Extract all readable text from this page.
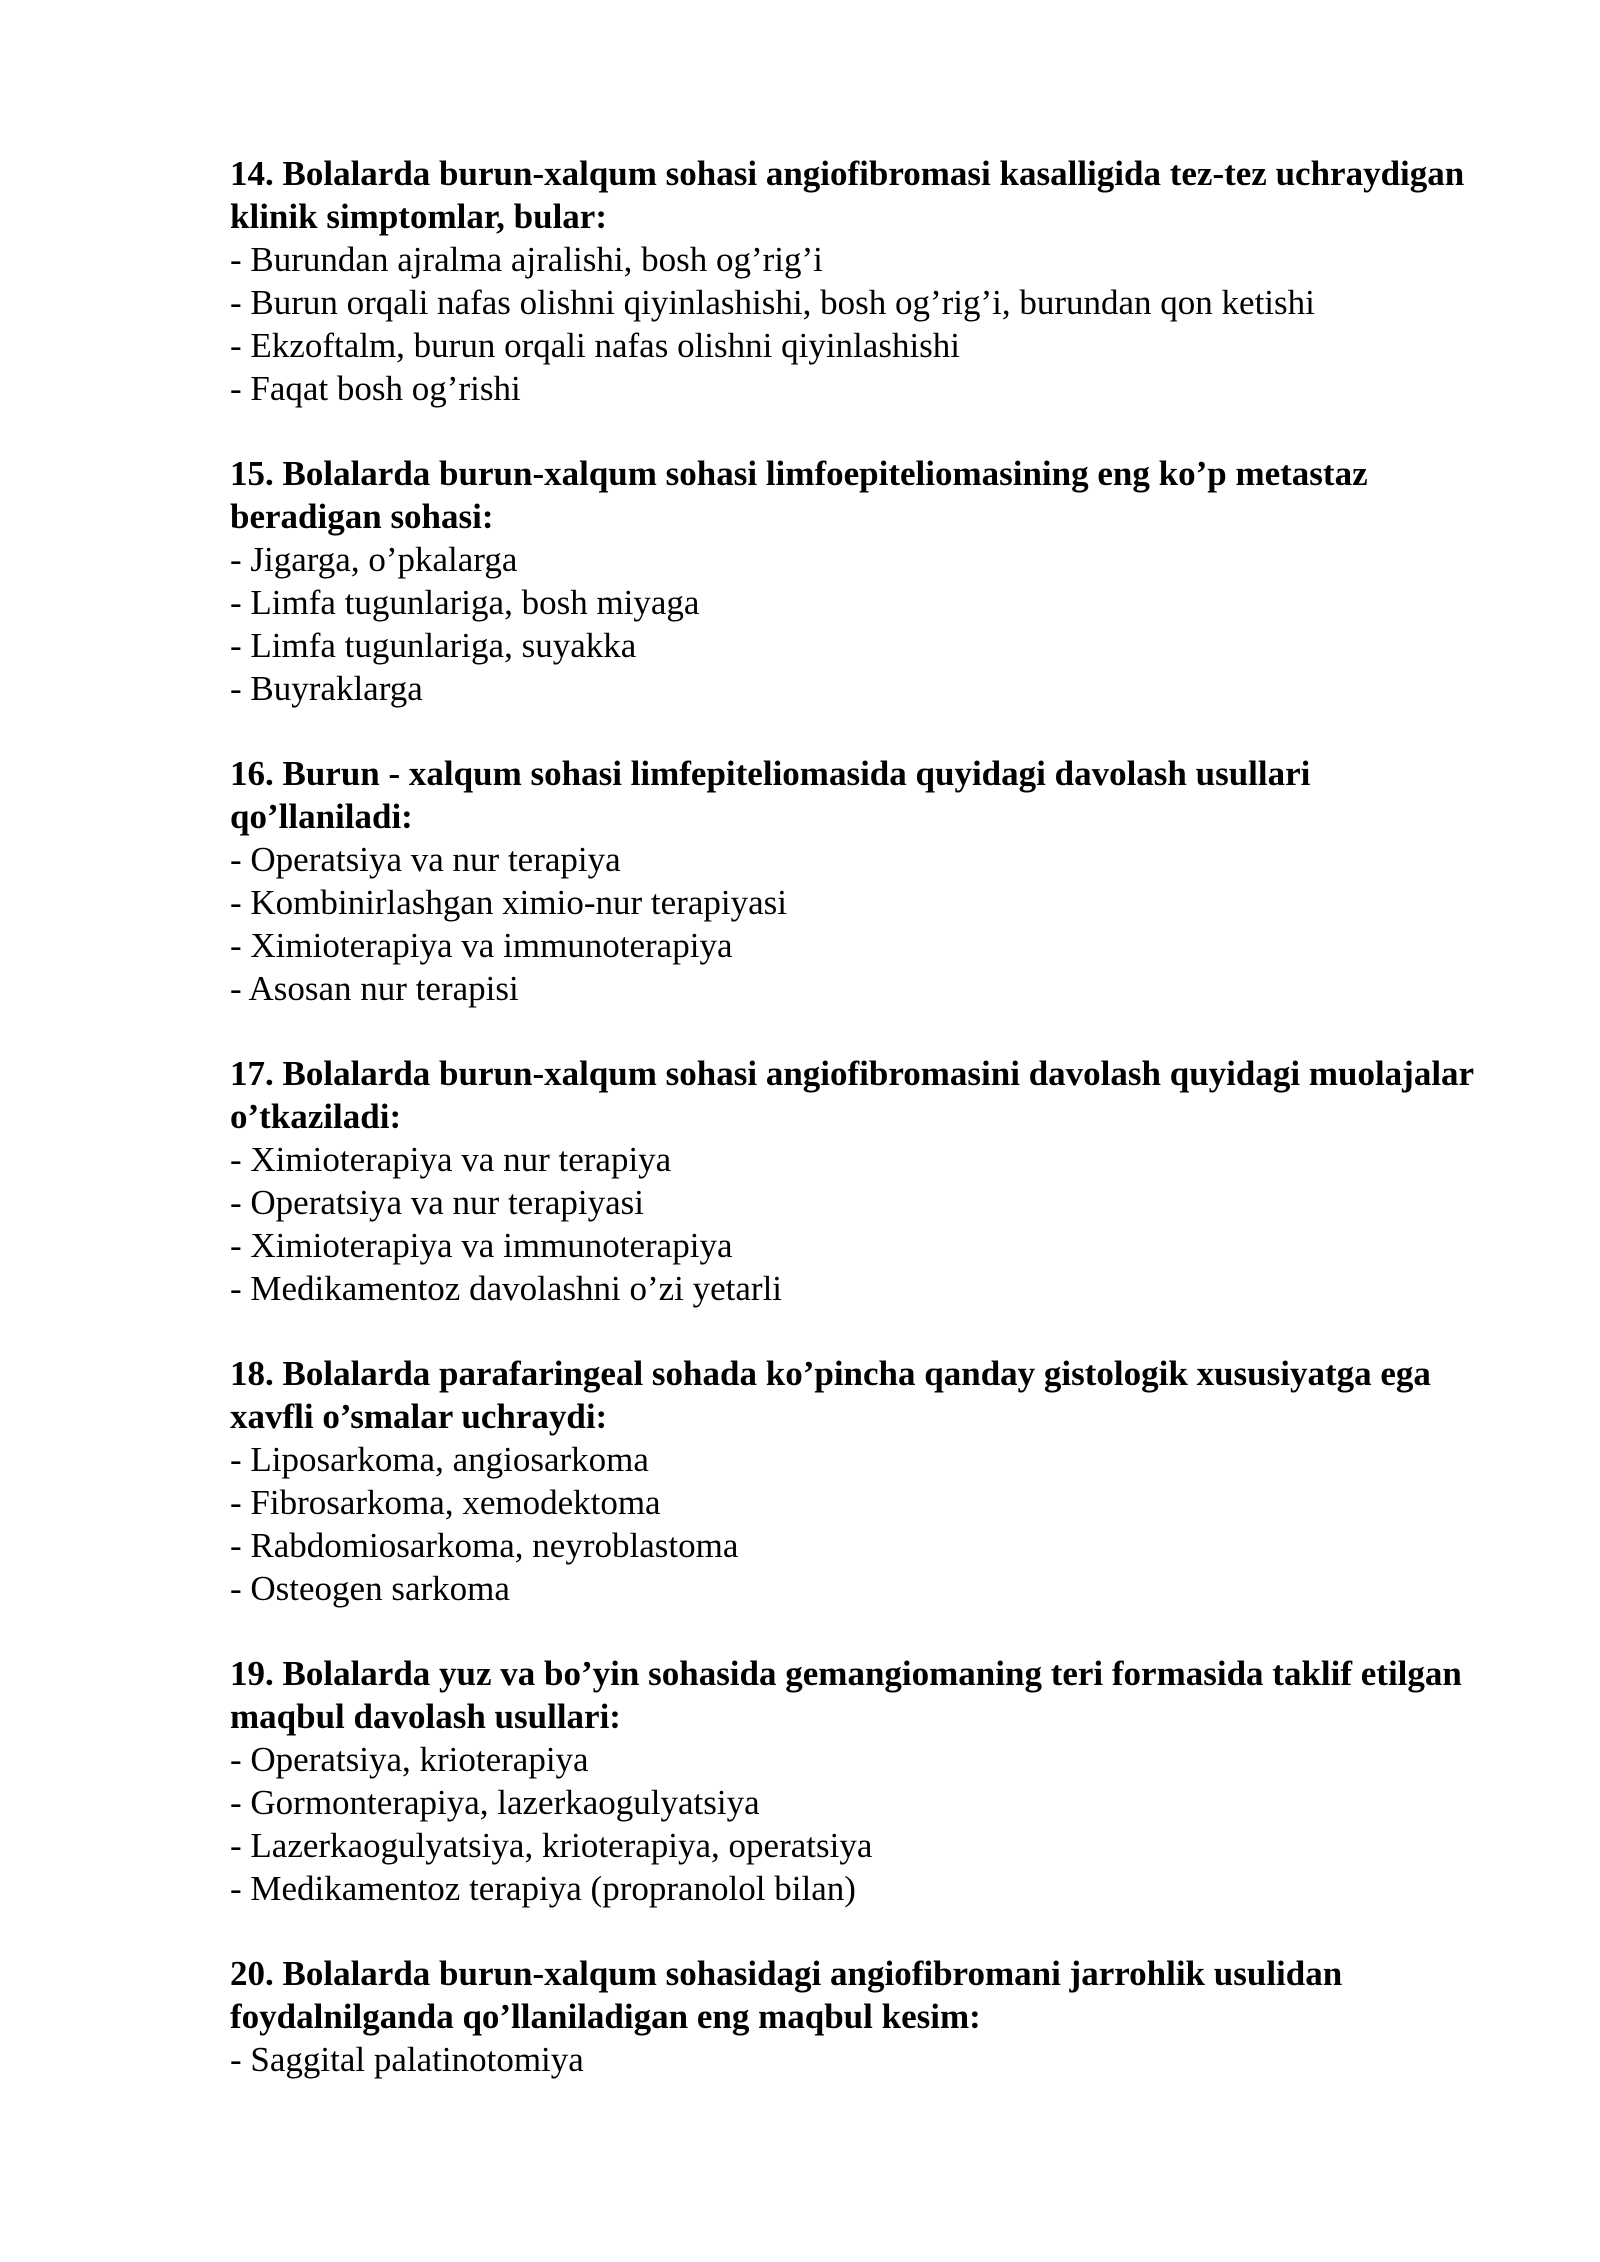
14. Bolalarda burun-xalqum sohasi angiofibromasi kasalligida tez-tez uchraydigan klinik simptomlar, bular:

- Burundan ajralma ajralishi, bosh og’rig’i
- Burun orqali nafas olishni qiyinlashishi, bosh og’rig’i, burundan qon ketishi
- Ekzoftalm, burun orqali nafas olishni qiyinlashishi
- Faqat bosh og’rishi

15. Bolalarda burun-xalqum sohasi limfoepiteliomasining eng ko’p metastaz beradigan sohasi:

- Jigarga, o’pkalarga
- Limfa tugunlariga, bosh miyaga
- Limfa tugunlariga, suyakka
- Buyraklarga

16. Burun - xalqum sohasi limfepiteliomasida quyidagi davolash usullari qo’llaniladi:

- Operatsiya va nur terapiya
- Kombinirlashgan ximio-nur terapiyasi
- Ximioterapiya va immunoterapiya
- Asosan nur terapisi

17. Bolalarda burun-xalqum sohasi angiofibromasini davolash quyidagi muolajalar o’tkaziladi:

- Ximioterapiya va nur terapiya
- Operatsiya va nur terapiyasi
- Ximioterapiya va immunoterapiya
- Medikamentoz davolashni o’zi yetarli

18. Bolalarda parafaringeal sohada ko’pincha qanday gistologik xususiyatga ega xavfli o’smalar uchraydi:

- Liposarkoma, angiosarkoma
- Fibrosarkoma, xemodektoma
- Rabdomiosarkoma, neyroblastoma
- Osteogen sarkoma

19. Bolalarda yuz va bo’yin sohasida gemangiomaning teri formasida taklif etilgan maqbul davolash usullari:

- Operatsiya, krioterapiya
- Gormonterapiya, lazerkaogulyatsiya
- Lazerkaogulyatsiya, krioterapiya, operatsiya
- Medikamentoz terapiya (propranolol bilan)

20. Bolalarda burun-xalqum sohasidagi angiofibromani jarrohlik usulidan foydalnilganda qo’llaniladigan eng maqbul kesim:

- Saggital palatinotomiya
